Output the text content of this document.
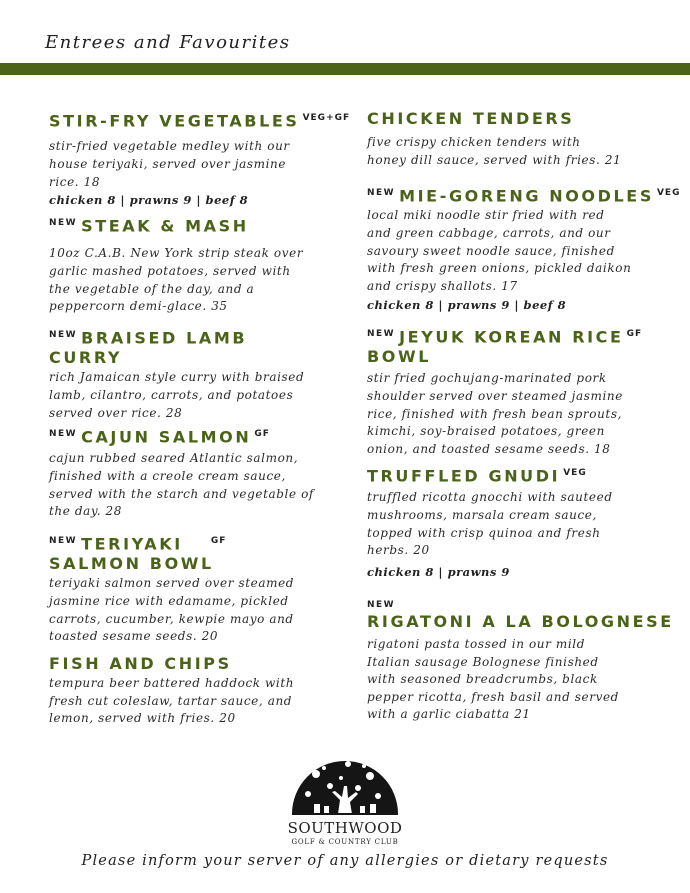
Entrees and Favourites
STIR-FRY VEGETABLES $^{VEG+GF}$

stir-fried vegetable medley with our
house teriyaki, served over jasmine
rice. 18

chicken 8 | prawns 9 | beef 8

$^{NEW}$ STEAK & MASH

10oz C.A.B. New York strip steak over
garlic mashed potatoes, served with
the vegetable of the day, and a
peppercorn demi-glace. 35

$^{NEW}$ BRAISED LAMB
CURRY

rich Jamaican style curry with braised
lamb, cilantro, carrots, and potatoes
served over rice. 28

$^{NEW}$ CAJUN SALMON $^{GF}$

cajun rubbed seared Atlantic salmon,
finished with a creole cream sauce,
served with the starch and vegetable of
the day. 28

$^{NEW}$ TERIYAKI	$^{GF}$
SALMON BOWL

teriyaki salmon served over steamed
jasmine rice with edamame, pickled
carrots, cucumber, kewpie mayo and
toasted sesame seeds. 20

FISH AND CHIPS

tempura beer battered haddock with
fresh cut coleslaw, tartar sauce, and
lemon, served with fries. 20

CHICKEN TENDERS

five crispy chicken tenders with
honey dill sauce, served with fries. 21

$^{NEW}$ MIE-GORENG NOODLES $^{VEG}$

local miki noodle stir fried with red
and green cabbage, carrots, and our
savoury sweet noodle sauce, finished
with fresh green onions, pickled daikon
and crispy shallots. 17

chicken 8 | prawns 9 | beef 8

$^{NEW}$ JEYUK KOREAN RICE $^{GF}$
BOWL

stir fried gochujang-marinated pork
shoulder served over steamed jasmine
rice, finished with fresh bean sprouts,
kimchi, soy-braised potatoes, green
onion, and toasted sesame seeds. 18

TRUFFLED GNUDI $^{VEG}$

truffled ricotta gnocchi with sauteed
mushrooms, marsala cream sauce,
topped with crisp quinoa and fresh
herbs. 20

chicken 8 | prawns 9

NEW
RIGATONI A LA BOLOGNESE

rigatoni pasta tossed in our mild
Italian sausage Bolognese finished
with seasoned breadcrumbs, black
pepper ricotta, fresh basil and served
with a garlic ciabatta 21

SOUTHWOOD
GOLF & COUNTRY CLUB
Please inform your server of any allergies or dietary requests
